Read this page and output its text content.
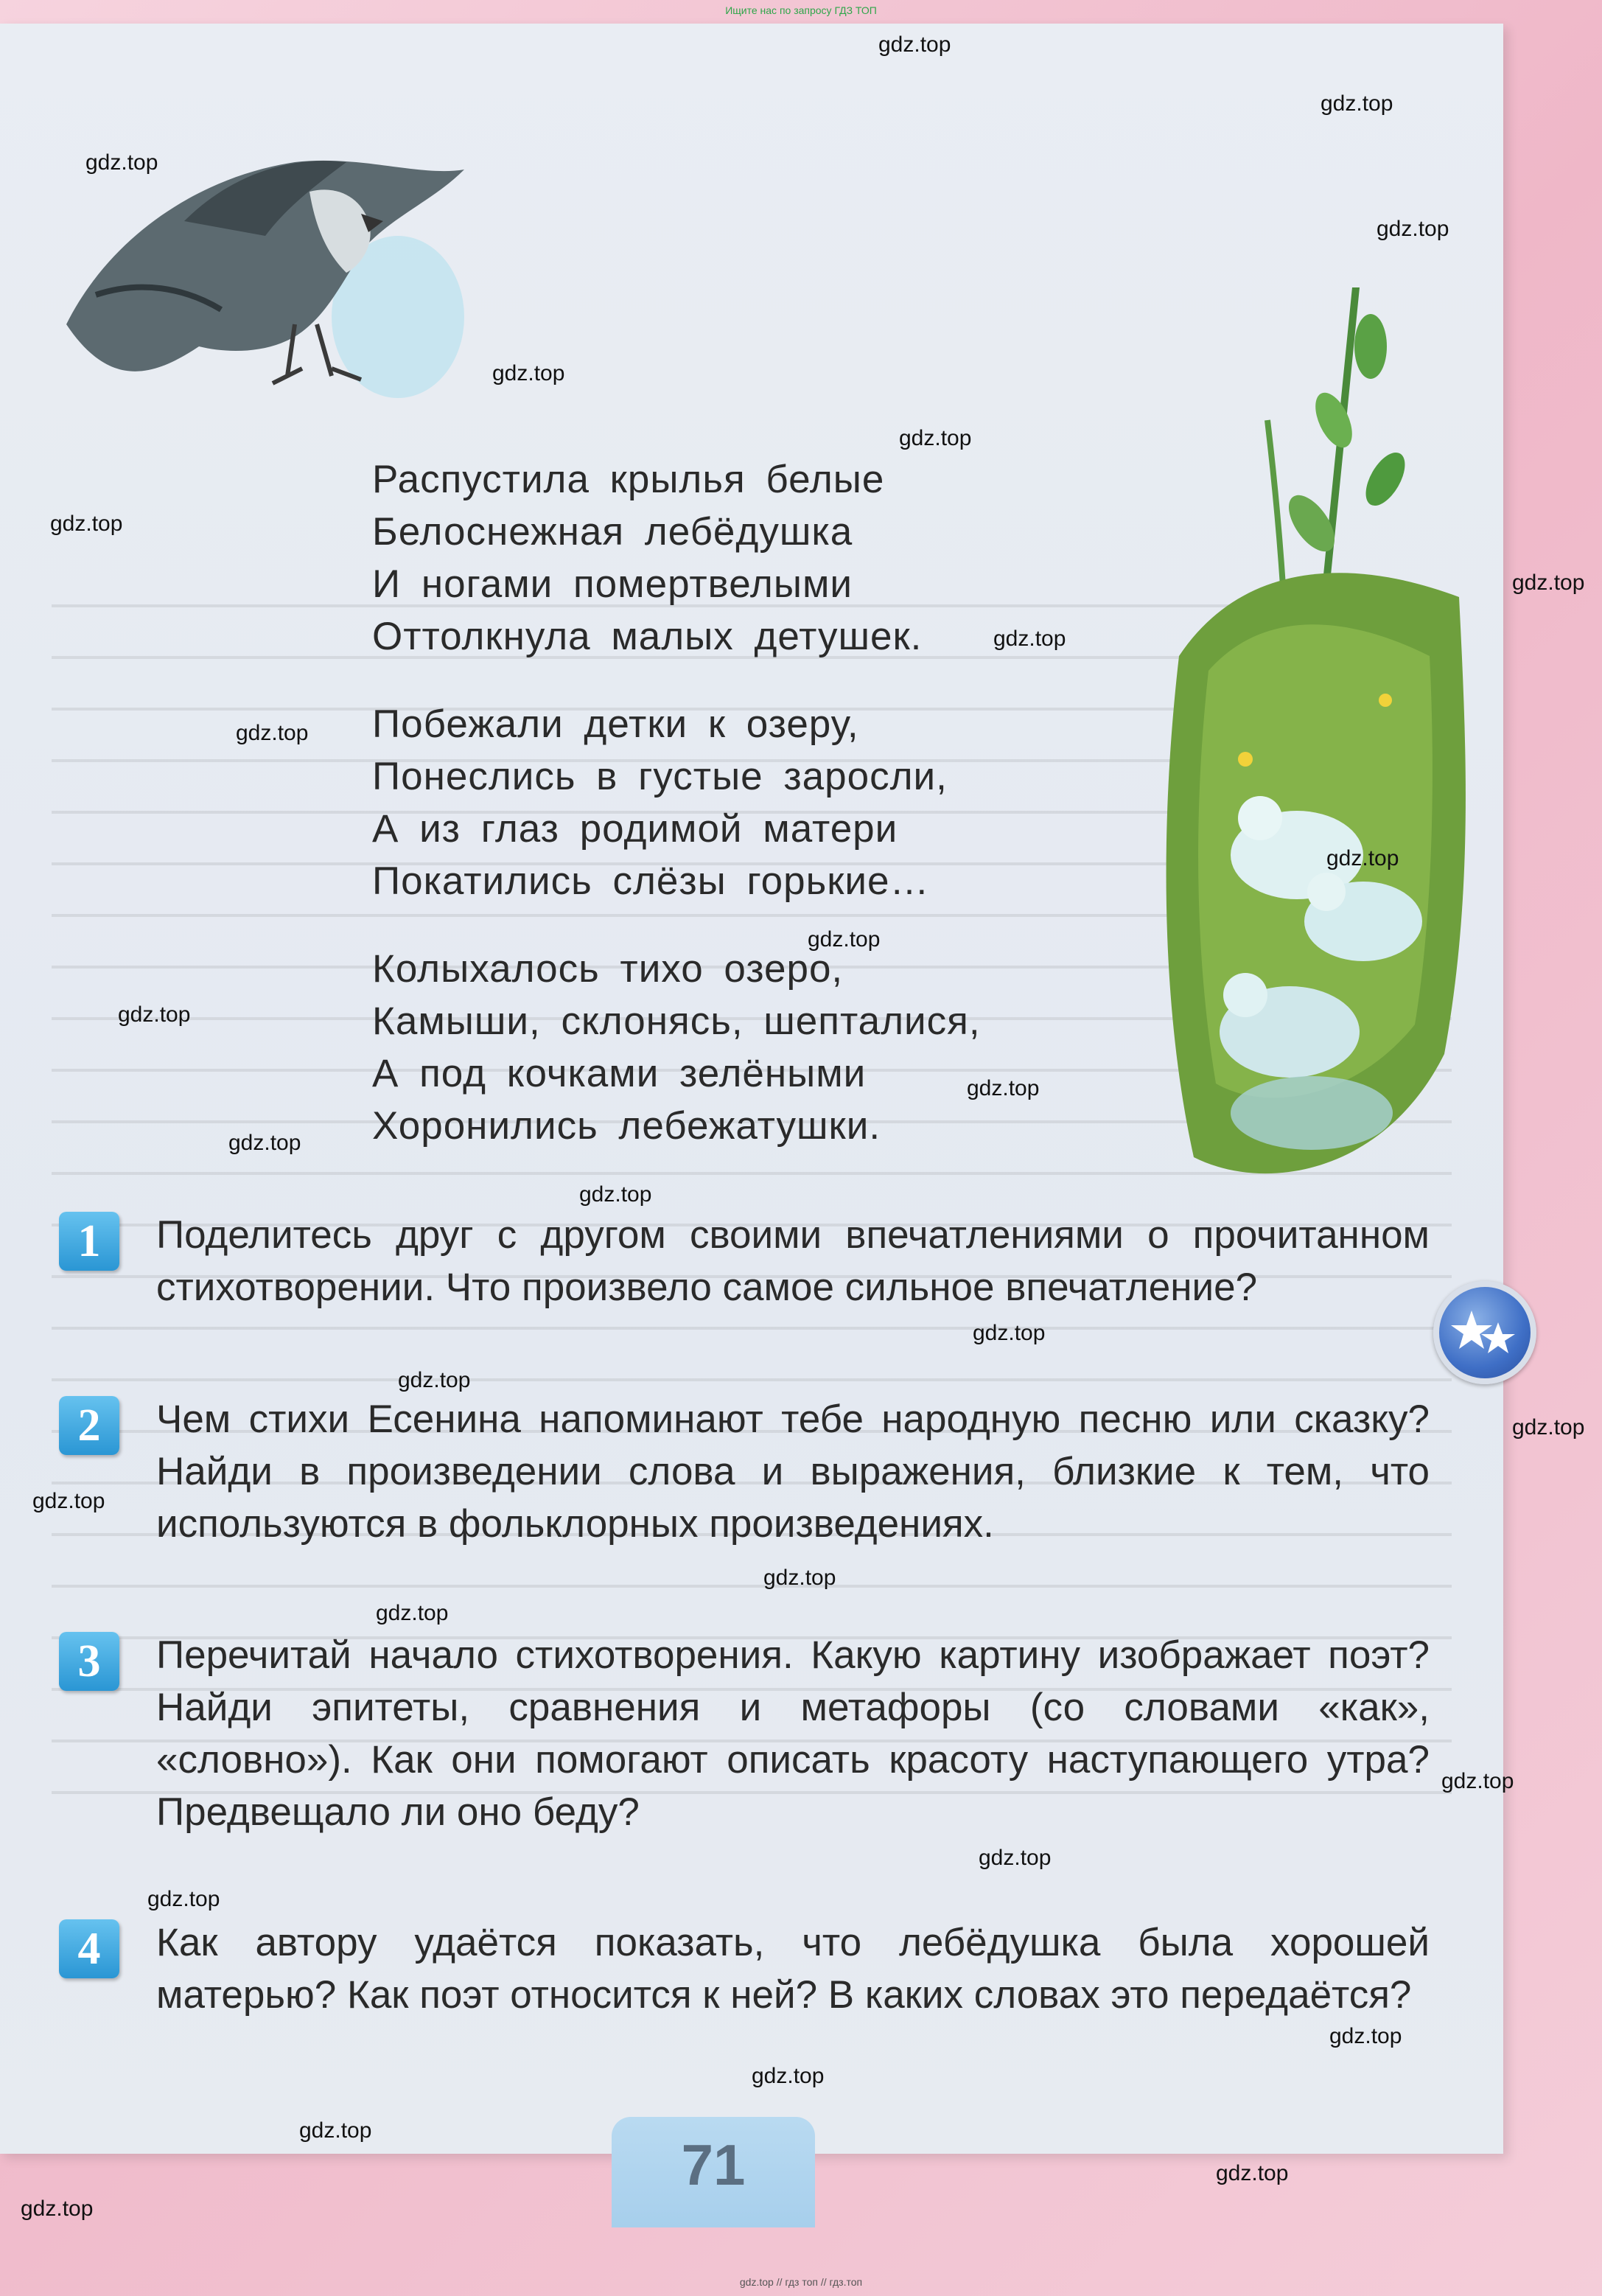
Ищите нас по запросу ГДЗ ТОП
Распустила крылья белые
Белоснежная лебёдушка
И ногами помертвелыми
Оттолкнула малых детушек.
Побежали детки к озеру,
Понеслись в густые заросли,
А из глаз родимой матери
Покатились слёзы горькие…
Колыхалось тихо озеро,
Камыши, склонясь, шепталися,
А под кочками зелёными
Хоронились лебежатушки.
1	Поделитесь друг с другом своими впечатлениями о прочитанном стихотворении. Что произвело самое сильное впечатление?
2	Чем стихи Есенина напоминают тебе народную песню или сказку? Найди в произведении слова и выражения, близкие к тем, что используются в фольклорных произведениях.
3	Перечитай начало стихотворения. Какую картину изображает поэт? Найди эпитеты, сравнения и метафоры (со словами «как», «словно»). Как они помогают описать красоту наступающего утра? Предвещало ли оно беду?
4	Как автору удаётся показать, что лебёдушка была хорошей матерью? Как поэт относится к ней? В каких словах это передаётся?
71
gdz.top
gdz.top
gdz.top
gdz.top
gdz.top
gdz.top
gdz.top
gdz.top
gdz.top
gdz.top
gdz.top
gdz.top
gdz.top
gdz.top
gdz.top
gdz.top
gdz.top
gdz.top
gdz.top
gdz.top
gdz.top
gdz.top
gdz.top
gdz.top
gdz.top
gdz.top
gdz.top
gdz.top
gdz.top
gdz.top
gdz.top // гдз топ // гдз.топ
